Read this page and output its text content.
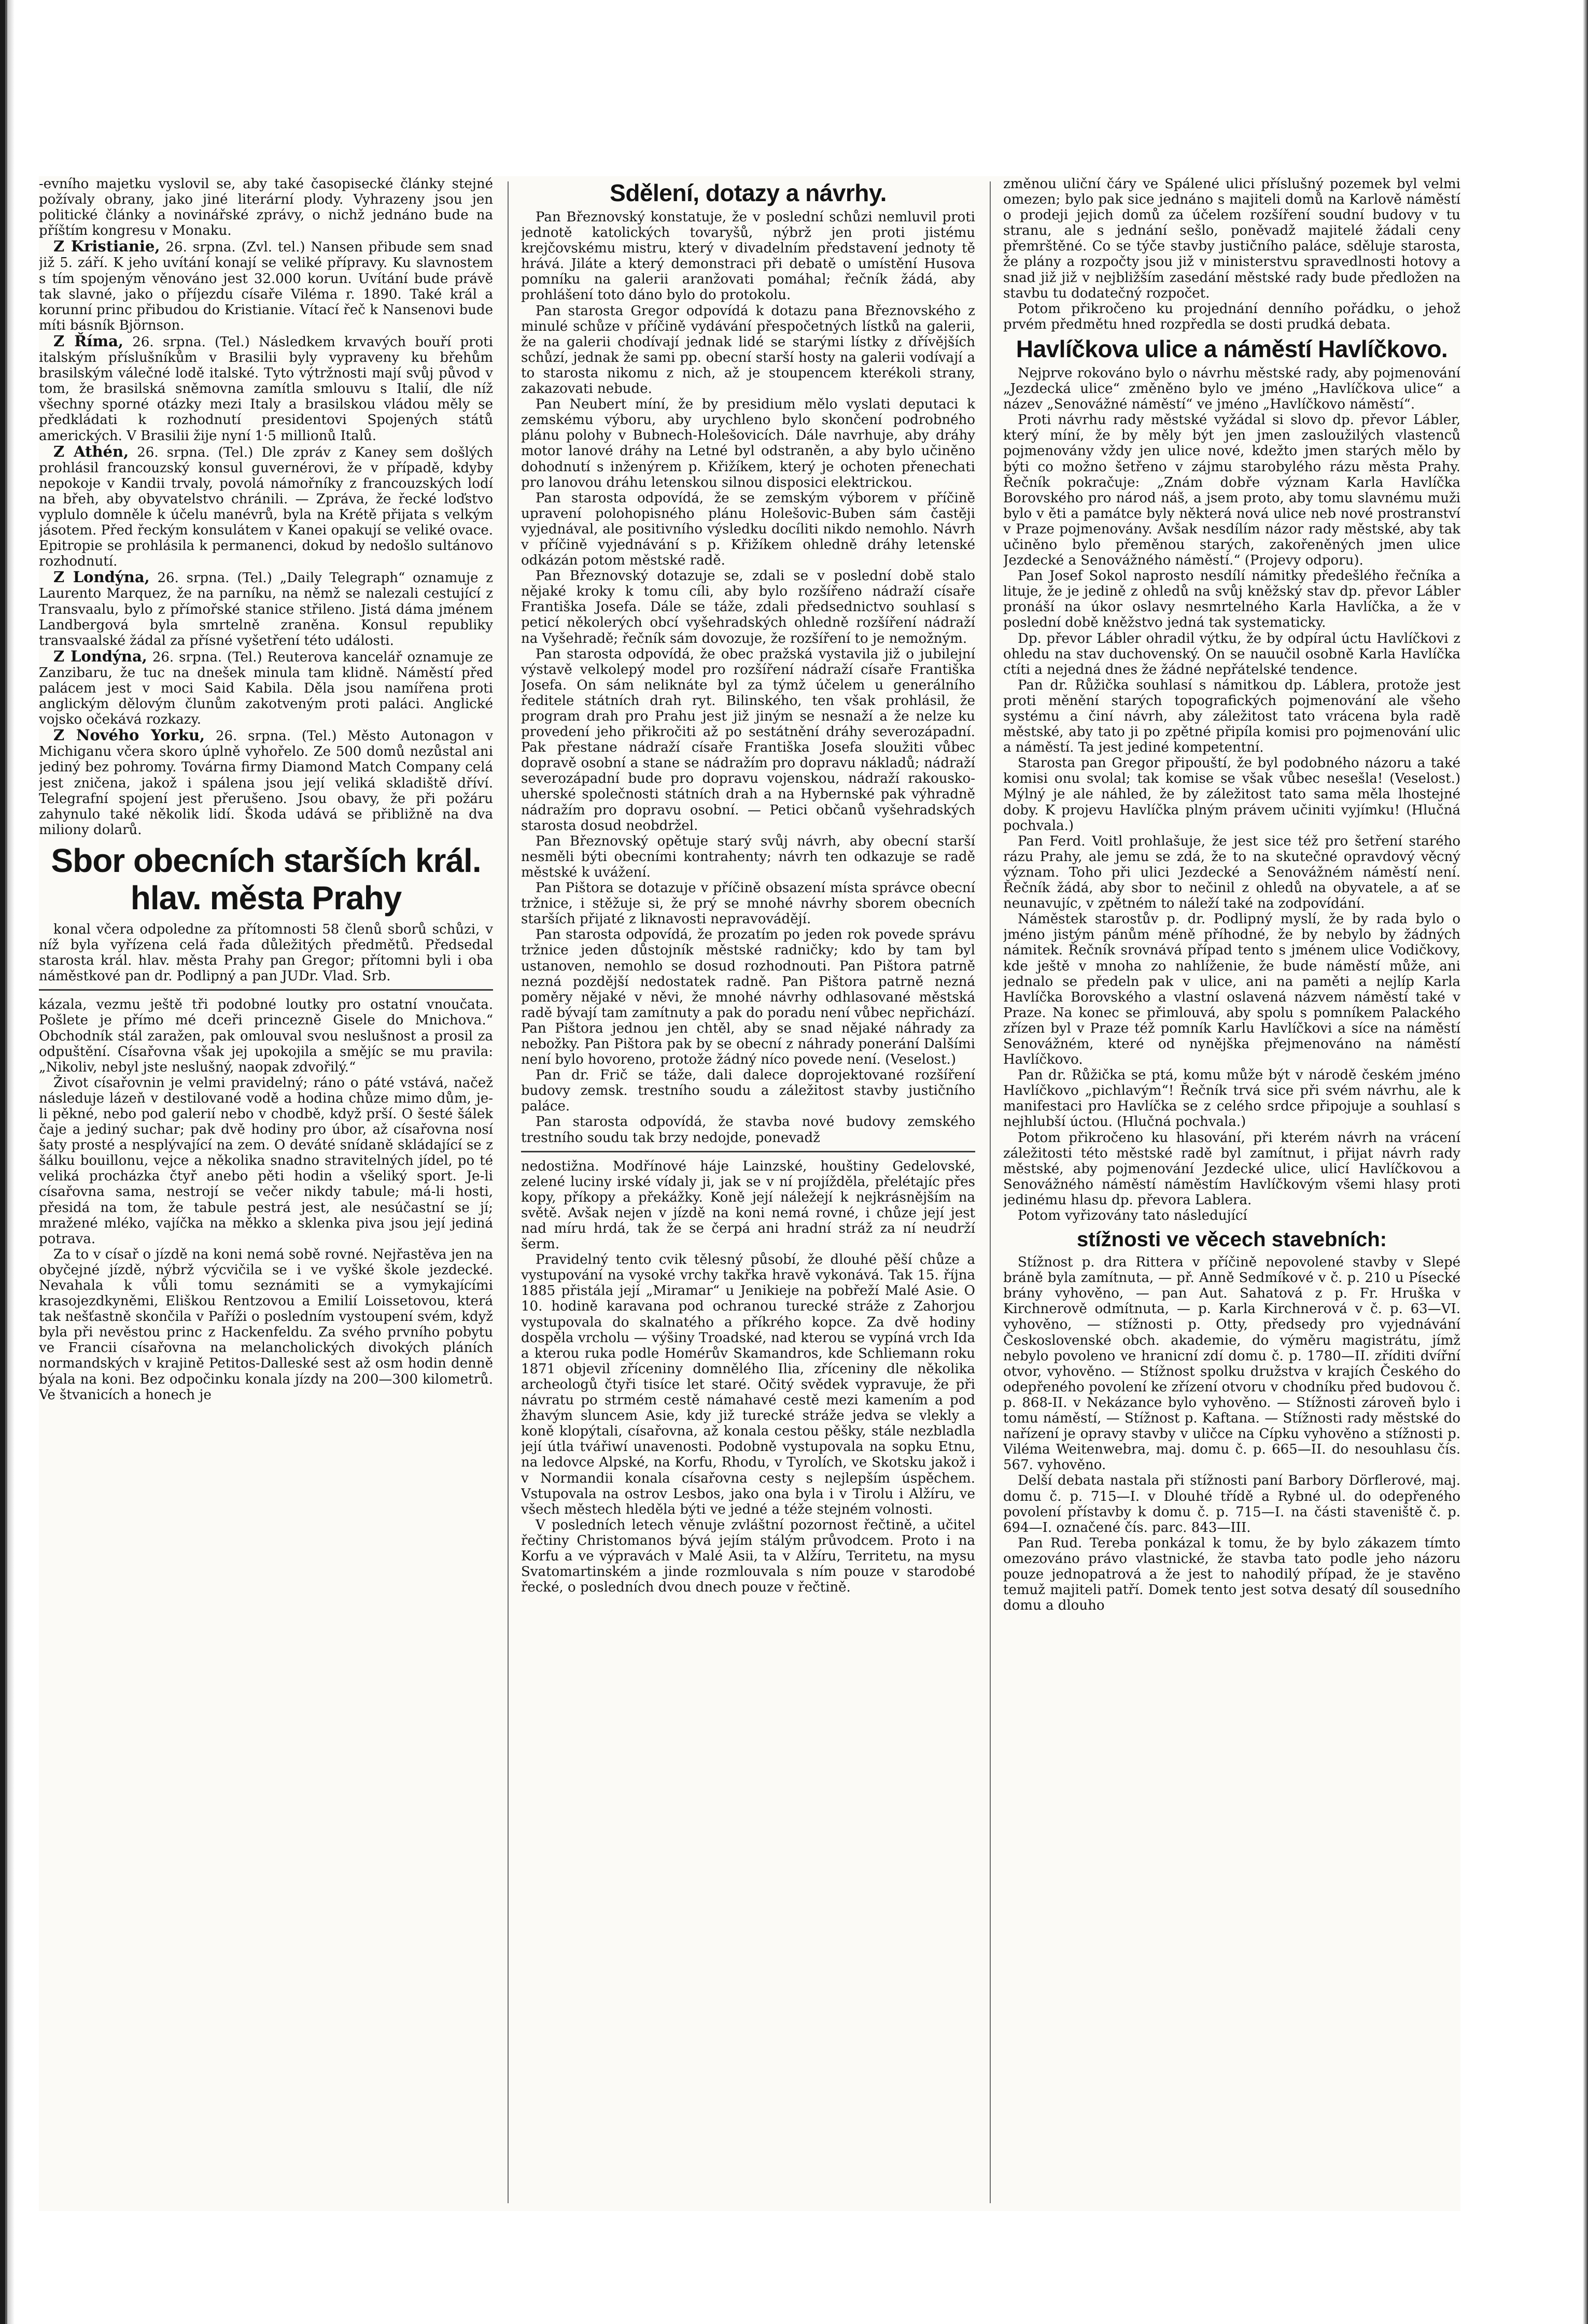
-evního majetku vyslovil se, aby také časopisecké články stejné požívaly obrany, jako jiné literární plody. Vyhrazeny jsou jen politické články a novinářské zprávy, o nichž jednáno bude na příštím kongresu v Monaku.

Z Kristianie, 26. srpna. (Zvl. tel.) Nansen přibude sem snad již 5. září. K jeho uvítání konají se veliké přípravy. Ku slavnostem s tím spojeným věnováno jest 32.000 korun. Uvítání bude právě tak slavné, jako o příjezdu císaře Viléma r. 1890. Také král a korunní princ přibudou do Kristianie. Vítací řeč k Nansenovi bude míti básník Björnson.

Z Říma, 26. srpna. (Tel.) Následkem krvavých bouří proti italským příslušníkům v Brasilii byly vypraveny ku břehům brasilským válečné lodě italské. Tyto výtržnosti mají svůj původ v tom, že brasilská sněmovna zamítla smlouvu s Italií, dle níž všechny sporné otázky mezi Italy a brasilskou vládou měly se předkládati k rozhodnutí presidentovi Spojených států amerických. V Brasilii žije nyní 1·5 millionů Italů.

Z Athén, 26. srpna. (Tel.) Dle zpráv z Kaney sem došlých prohlásil francouzský konsul guvernérovi, že v případě, kdyby nepokoje v Kandii trvaly, povolá námořníky z francouzských lodí na břeh, aby obyvatelstvo chránili. — Zpráva, že řecké loďstvo vyplulo domněle k účelu manévrů, byla na Krétě přijata s velkým jásotem. Před řeckým konsulátem v Kanei opakují se veliké ovace. Epitropie se prohlásila k permanenci, dokud by nedošlo sultánovo rozhodnutí.

Z Londýna, 26. srpna. (Tel.) „Daily Telegraph“ oznamuje z Laurento Marquez, že na parníku, na němž se nalezali cestující z Transvaalu, bylo z přímořské stanice střileno. Jistá dáma jménem Landbergová byla smrtelně zraněna. Konsul republiky transvaalské žádal za přísné vyšetření této události.

Z Londýna, 26. srpna. (Tel.) Reuterova kancelář oznamuje ze Zanzibaru, že tuc na dnešek minula tam klidně. Náměstí před palácem jest v moci Said Kabila. Děla jsou namířena proti anglickým dělovým člunům zakotveným proti paláci. Anglické vojsko očekává rozkazy.

Z Nového Yorku, 26. srpna. (Tel.) Město Autonagon v Michiganu včera skoro úplně vyhořelo. Ze 500 domů nezůstal ani jediný bez pohromy. Továrna firmy Diamond Match Company celá jest zničena, jakož i spálena jsou její veliká skladiště dříví. Telegrafní spojení jest přerušeno. Jsou obavy, že při požáru zahynulo také několik lidí. Škoda udává se přibližně na dva miliony dolarů.

Sbor obecních starších král. hlav. města Prahy

konal včera odpoledne za přítomnosti 58 členů sborů schůzi, v níž byla vyřízena celá řada důležitých předmětů. Předsedal starosta král. hlav. města Prahy pan Gregor; přítomni byli i oba náměstkové pan dr. Podlipný a pan JUDr. Vlad. Srb.

kázala, vezmu ještě tři podobné loutky pro ostatní vnoučata. Pošlete je přímo mé dceři princezně Gisele do Mnichova.“ Obchodník stál zaražen, pak omlouval svou neslušnost a prosil za odpuštění. Císařovna však jej upokojila a smějíc se mu pravila: „Nikoliv, nebyl jste neslušný, naopak zdvořilý.“

Život císařovnin je velmi pravidelný; ráno o páté vstává, načež následuje lázeň v destilované vodě a hodina chůze mimo dům, je-li pěkné, nebo pod galerií nebo v chodbě, když prší. O šesté šálek čaje a jediný suchar; pak dvě hodiny pro úbor, až císařovna nosí šaty prosté a nesplývající na zem. O deváté snídaně skládající se z šálku bouillonu, vejce a několika snadno stravitelných jídel, po té veliká procházka čtyř anebo pěti hodin a všeliký sport. Je-li císařovna sama, nestrojí se večer nikdy tabule; má-li hosti, přesidá na tom, že tabule pestrá jest, ale nesúčastní se jí; mražené mléko, vajíčka na měkko a sklenka piva jsou její jediná potrava.

Za to v císař o jízdě na koni nemá sobě rovné. Nejřastěva jen na obyčejné jízdě, nýbrž výcvičila se i ve vyšké škole jezdecké. Nevahala k vůli tomu seznámiti se a vymykajícími krasojezdkyněmi, Eliškou Rentzovou a Emilií Loissetovou, která tak nešťastně skončila v Paříži o posledním vystoupení svém, když byla při nevěstou princ z Hackenfeldu. Za svého prvního pobytu ve Francii císařovna na melancholických divokých pláních normandských v krajině Petitos-Dalleské sest až osm hodin denně býala na koni. Bez odpočinku konala jízdy na 200—300 kilometrů. Ve štvanicích a honech je

Sdělení, dotazy a návrhy.

Pan Březnovský konstatuje, že v poslední schůzi nemluvil proti jednotě katolických tovaryšů, nýbrž jen proti jistému krejčovskému mistru, který v divadelním představení jednoty tě hrává. Jiláte a který demonstraci při debatě o umístění Husova pomníku na galerii aranžovati pomáhal; řečník žádá, aby prohlášení toto dáno bylo do protokolu.

Pan starosta Gregor odpovídá k dotazu pana Březnovského z minulé schůze v příčině vydávání přespočetných lístků na galerii, že na galerii chodívají jednak lidé se starými lístky z dřívějších schůzí, jednak že sami pp. obecní starší hosty na galerii vodívají a to starosta nikomu z nich, až je stoupencem kterékoli strany, zakazovati nebude.

Pan Neubert míní, že by presidium mělo vyslati deputaci k zemskému výboru, aby urychleno bylo skončení podrobného plánu polohy v Bubnech-Holešovicích. Dále navrhuje, aby dráhy motor lanové dráhy na Letné byl odstraněn, a aby bylo učiněno dohodnutí s inženýrem p. Křižíkem, který je ochoten přenechati pro lanovou dráhu letenskou silnou disposici elektrickou.

Pan starosta odpovídá, že se zemským výborem v příčině upravení polohopisného plánu Holešovic-Buben sám častěji vyjednával, ale positivního výsledku docíliti nikdo nemohlo. Návrh v příčině vyjednávání s p. Křižíkem ohledně dráhy letenské odkázán potom městské radě.

Pan Březnovský dotazuje se, zdali se v poslední době stalo nějaké kroky k tomu cíli, aby bylo rozšířeno nádraží císaře Františka Josefa. Dále se táže, zdali předsednictvo souhlasí s peticí několerých obcí vyšehradských ohledně rozšíření nádraží na Vyšehradě; řečník sám dovozuje, že rozšíření to je nemožným.

Pan starosta odpovídá, že obec pražská vystavila již o jubilejní výstavě velkolepý model pro rozšíření nádraží císaře Františka Josefa. On sám neliknáte byl za týmž účelem u generálního ředitele státních drah ryt. Bilinského, ten však prohlásil, že program drah pro Prahu jest již jiným se nesnaží a že nelze ku provedení jeho přikročiti až po sestátnění dráhy severozápadní. Pak přestane nádraží císaře Františka Josefa sloužiti vůbec dopravě osobní a stane se nádražím pro dopravu nákladů; nádraží severozápadní bude pro dopravu vojenskou, nádraží rakousko-uherské společnosti státních drah a na Hybernské pak výhradně nádražím pro dopravu osobní. — Petici občanů vyšehradských starosta dosud neobdržel.

Pan Březnovský opětuje starý svůj návrh, aby obecní starší nesměli býti obecními kontrahenty; návrh ten odkazuje se radě městské k uvážení.

Pan Pištora se dotazuje v příčině obsazení místa správce obecní tržnice, i stěžuje si, že prý se mnohé návrhy sborem obecních starších přijaté z liknavosti nepravovádějí.

Pan starosta odpovídá, že prozatím po jeden rok povede správu tržnice jeden důstojník městské radničky; kdo by tam byl ustanoven, nemohlo se dosud rozhodnouti. Pan Pištora patrně nezná pozdější nedostatek radně. Pan Pištora patrně nezná poměry nějaké v něvi, že mnohé návrhy odhlasované městská radě bývají tam zamítnuty a pak do poradu není vůbec nepřichází. Pan Pištora jednou jen chtěl, aby se snad nějaké náhrady za nebožky. Pan Pištora pak by se obecní z náhrady ponerání Dalšími není bylo hovoreno, protože žádný níco povede není. (Veselost.)

Pan dr. Frič se táže, dali dalece doprojektované rozšíření budovy zemsk. trestního soudu a záležitost stavby justičního paláce.

Pan starosta odpovídá, že stavba nové budovy zemského trestního soudu tak brzy nedojde, ponevadž

nedostižna. Modřínové háje Lainzské, houštiny Gedelovské, zelené luciny irské vídaly ji, jak se v ní projížděla, přelétajíc přes kopy, příkopy a překážky. Koně její náležejí k nejkrásnějším na světě. Avšak nejen v jízdě na koni nemá rovné, i chůze její jest nad míru hrdá, tak že se čerpá ani hradní stráž za ní neudrží šerm.

Pravidelný tento cvik tělesný působí, že dlouhé pěší chůze a vystupování na vysoké vrchy takřka hravě vykonává. Tak 15. října 1885 přistála její „Miramar“ u Jenikieje na pobřeží Malé Asie. O 10. hodině karavana pod ochranou turecké stráže z Zahorjou vystupovala do skalnatého a příkrého kopce. Za dvě hodiny dospěla vrcholu — výšiny Troadské, nad kterou se vypíná vrch Ida a kterou ruka podle Homérův Skamandros, kde Schliemann roku 1871 objevil zříceniny domnělého Ilia, zříceniny dle několika archeologů čtyři tisíce let staré. Očitý svědek vypravuje, že při návratu po strmém cestě námahavé cestě mezi kamením a pod žhavým sluncem Asie, kdy již turecké stráže jedva se vlekly a koně klopýtali, císařovna, až konala cestou pěšky, stále nezbladla její útla tvářiwí unavenosti. Podobně vystupovala na sopku Etnu, na ledovce Alpské, na Korfu, Rhodu, v Tyrolích, ve Skotsku jakož i v Normandii konala císařovna cesty s nejlepším úspěchem. Vstupovala na ostrov Lesbos, jako ona byla i v Tirolu i Alžíru, ve všech městech hleděla býti ve jedné a téže stejném volnosti.

V posledních letech věnuje zvláštní pozornost řečtině, a učitel řečtiny Christomanos bývá jejím stálým průvodcem. Proto i na Korfu a ve výpravách v Malé Asii, ta v Alžíru, Territetu, na mysu Svatomartinském a jinde rozmlouvala s ním pouze v starodobé řecké, o posledních dvou dnech pouze v řečtině.

změnou uliční čáry ve Spálené ulici příslušný pozemek byl velmi omezen; bylo pak sice jednáno s majiteli domů na Karlově náměstí o prodeji jejich domů za účelem rozšíření soudní budovy v tu stranu, ale s jednání sešlo, poněvadž majitelé žádali ceny přemrštěné. Co se týče stavby justičního paláce, sdělujе starosta, že plány a rozpočty jsou již v ministerstvu spravedlnosti hotovy a snad již již v nejbližším zasedání městské rady bude předložen na stavbu tu dodatečný rozpočet.

Potom přikročeno ku projednání denního pořádku, o jehož prvém předmětu hned rozpředla se dosti prudká debata.

Havlíčkova ulice a náměstí Havlíčkovo.

Nejprve rokováno bylo o návrhu městské rady, aby pojmenování „Jezdecká ulice“ změněno bylo ve jméno „Havlíčkova ulice“ a název „Senovážné náměstí“ ve jméno „Havlíčkovo náměstí“.

Proti návrhu rady městské vyžádal si slovo dp. převor Lábler, který míní, že by měly být jen jmen zasloužilých vlastenců pojmenovány vždy jen ulice nové, kdežto jmen starých mělo by býti co možno šetřeno v zájmu starobylého rázu města Prahy. Řečník pokračuje: „Znám dobře význam Karla Havlíčka Borovského pro národ náš, a jsem proto, aby tomu slavnému muži bylo v ěti a památce byly některá nová ulice neb nové prostranství v Praze pojmenovány. Avšak nesdílím názor rady městské, aby tak učiněno bylo přeměnou starých, zakořeněných jmen ulice Jezdecké a Senovážného náměstí.“ (Projevy odporu).

Pan Josef Sokol naprosto nesdílí námitky předešlého řečníka a lituje, že je jedině z ohledů na svůj kněžský stav dp. převor Lábler pronáší na úkor oslavy nesmrtelného Karla Havlíčka, a že v poslední době kněžstvo jedná tak systematicky.

Dp. převor Lábler ohradil výtku, že by odpíral úctu Havlíčkovi z ohledu na stav duchovenský. On se nauučil osobně Karla Havlíčka ctíti a nejedná dnes že žádné nepřátelské tendence.

Pan dr. Růžička souhlasí s námitkou dp. Láblera, protože jest proti měnění starých topografických pojmenování ale všeho systému a činí návrh, aby záležitost tato vrácena byla radě městské, aby tato ji po zpětné připíla komisi pro pojmenování ulic a náměstí. Ta jest jediné kompetentní.

Starosta pan Gregor připouští, že byl podobného názoru a také komisi onu svolal; tak komise se však vůbec nesešla! (Veselost.) Mýlný je ale náhled, že by záležitost tato sama měla lhostejné doby. K projevu Havlíčka plným právem učiniti vyjímku! (Hlučná pochvala.)

Pan Ferd. Voitl prohlašuje, že jest sice též pro šetření starého rázu Prahy, ale jemu se zdá, že to na skutečné opravdový věcný význam. Toho při ulici Jezdecké a Senovážném náměstí není. Řečník žádá, aby sbor to nečinil z ohledů na obyvatele, a ať se neunavujíc, v zpětném to náleží také na zodpovídání.

Náměstek starostův p. dr. Podlipný myslí, že by rada bylo o jméno jistým pánům méně příhodné, že by nebylo by žádných námitek. Řečník srovnává případ tento s jménem ulice Vodičkovy, kde ještě v mnoha zo nahlíženie, že bude náměstí může, ani jednalo se předeln pak v ulice, ani na paměti a nejlíp Karla Havlíčka Borovského a vlastní oslavená názvem náměstí také v Praze. Na konec se přimlouvá, aby spolu s pomníkem Palackého zřízen byl v Praze též pomník Karlu Havlíčkovi a síce na náměstí Senovážném, které od nynějška přejmenováno na náměstí Havlíčkovo.

Pan dr. Růžička se ptá, komu může být v národě českém jméno Havlíčkovo „pichlavým“! Řečník trvá sice při svém návrhu, ale k manifestaci pro Havlíčka se z celého srdce připojuje a souhlasí s nejhlubší úctou. (Hlučná pochvala.)

Potom přikročeno ku hlasování, při kterém návrh na vrácení záležitosti této městské radě byl zamítnut, i přijat návrh rady městské, aby pojmenování Jezdecké ulice, ulicí Havlíčkovou a Senovážného náměstí náměstím Havlíčkovým všemi hlasy proti jedinému hlasu dp. převora Lablera.

Potom vyřizovány tato následující

stížnosti ve věcech stavebních:

Stížnost p. dra Rittera v příčině nepovolené stavby v Slepé bráně byla zamítnuta, — př. Anně Sedmíkové v č. p. 210 u Písecké brány vyhověno, — pan Aut. Sahatová z p. Fr. Hruška v Kirchnerově odmítnuta, — p. Karla Kirchnerová v č. p. 63—VI. vyhověno, — stížnosti p. Otty, předsedy pro vyjednávání Československé obch. akademie, do výměru magistrátu, jímž nebylo povoleno ve hranicní zdí domu č. p. 1780—II. zříditi dvířní otvor, vyhověno. — Stížnost spolku družstva v krajích Českého do odepřeného povolení ke zřízení otvoru v chodníku před budovou č. p. 868-II. v Nekázance bylo vyhověno. — Stížnosti zároveň bylo i tomu náměstí, — Stížnost p. Kaftana. — Stížnosti rady městské do nařízení je opravy stavby v uličce na Cípku vyhověno a stížnosti p. Viléma Weitenwebra, maj. domu č. p. 665—II. do nesouhlasu čís. 567. vyhověno.

Delší debata nastala při stížnosti paní Barbory Dörflerové, maj. domu č. p. 715—I. v Dlouhé třídě a Rybné ul. do odepřeného povolení přístavby k domu č. p. 715—I. na části staveniště č. p. 694—I. označené čís. parc. 843—III.

Pan Rud. Tereba ponkázal k tomu, že by bylo zákazem tímto omezováno právo vlastnické, že stavba tato podle jeho názoru pouze jednopatrová a že jest to nahodilý případ, že je stavěno temuž majiteli patří. Domek tento jest sotva desatý díl sousedního domu a dlouho
